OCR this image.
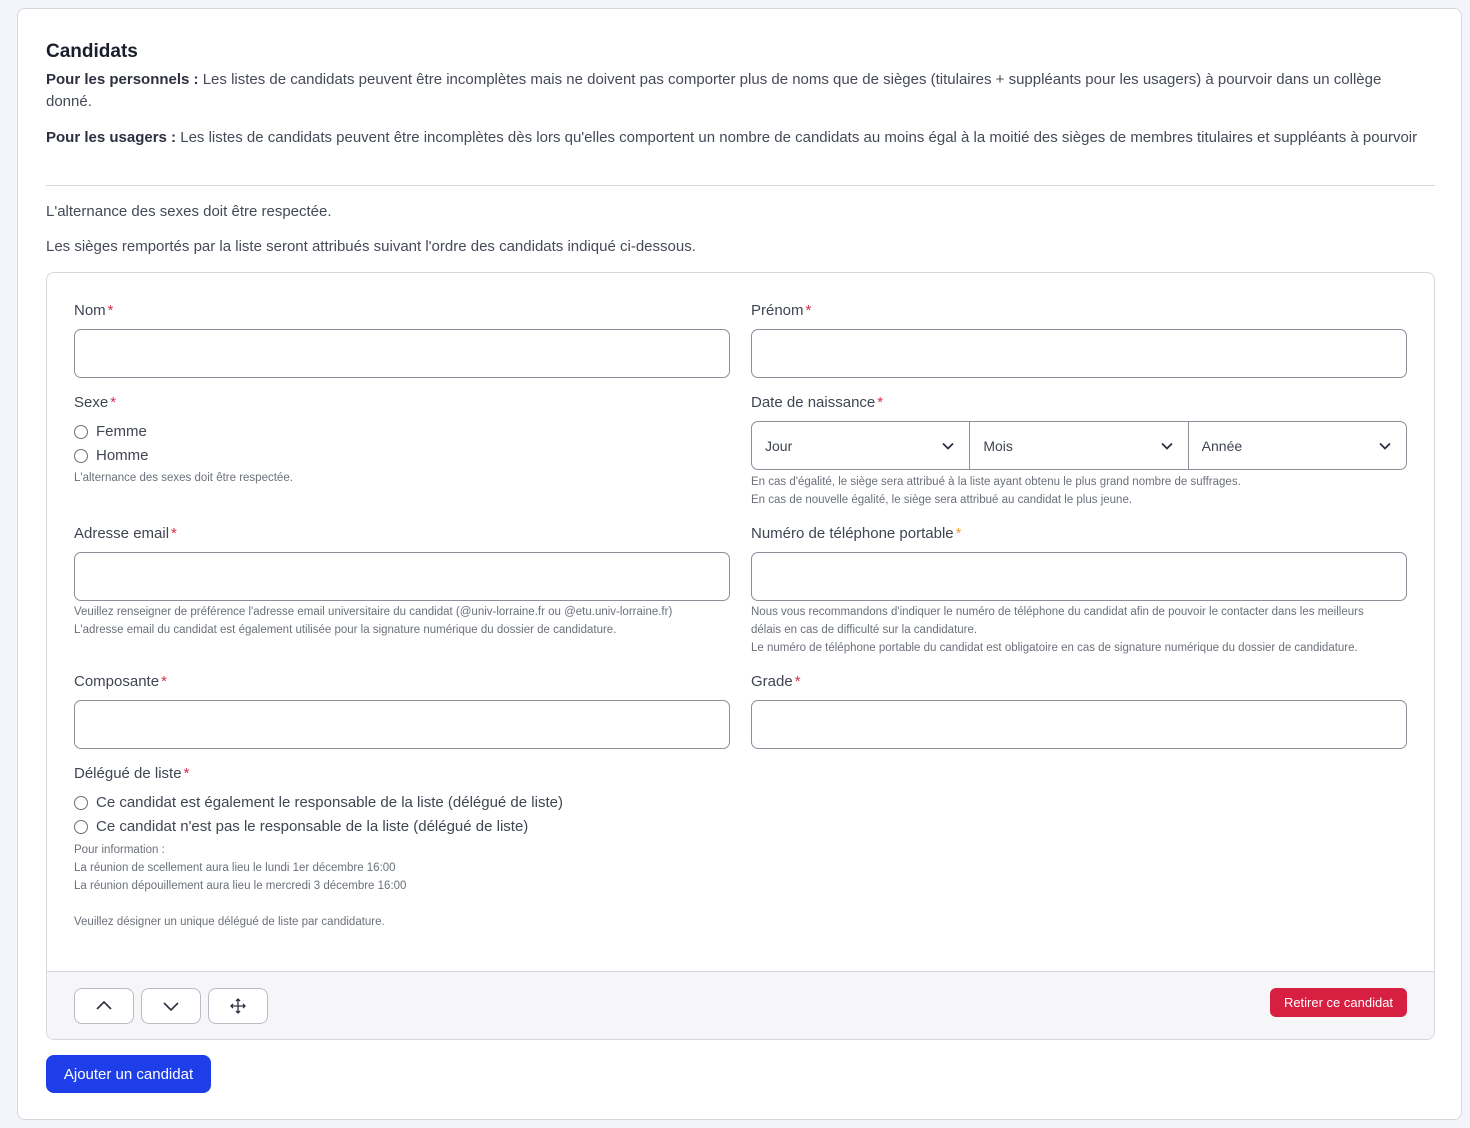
Candidats
Pour les personnels : Les listes de candidats peuvent être incomplètes mais ne doivent pas comporter plus de noms que de sièges (titulaires + suppléants pour les usagers) à pourvoir dans un collège donné.
Pour les usagers : Les listes de candidats peuvent être incomplètes dès lors qu'elles comportent un nombre de candidats au moins égal à la moitié des sièges de membres titulaires et suppléants à pourvoir
L'alternance des sexes doit être respectée.
Les sièges remportés par la liste seront attribués suivant l'ordre des candidats indiqué ci-dessous.
Nom *	Prénom *
Sexe *
Femme
Homme
L'alternance des sexes doit être respectée.
Date de naissance *
Jour	Mois	Année
En cas d'égalité, le siège sera attribué à la liste ayant obtenu le plus grand nombre de suffrages.
En cas de nouvelle égalité, le siège sera attribué au candidat le plus jeune.
Adresse email *
Veuillez renseigner de préférence l'adresse email universitaire du candidat (@univ-lorraine.fr ou @etu.univ-lorraine.fr)
L'adresse email du candidat est également utilisée pour la signature numérique du dossier de candidature.
Numéro de téléphone portable *
Nous vous recommandons d'indiquer le numéro de téléphone du candidat afin de pouvoir le contacter dans les meilleurs
délais en cas de difficulté sur la candidature.
Le numéro de téléphone portable du candidat est obligatoire en cas de signature numérique du dossier de candidature.
Composante *	Grade *
Délégué de liste *
Ce candidat est également le responsable de la liste (délégué de liste)
Ce candidat n'est pas le responsable de la liste (délégué de liste)
Pour information :
La réunion de scellement aura lieu le lundi 1er décembre 16:00
La réunion dépouillement aura lieu le mercredi 3 décembre 16:00
Veuillez désigner un unique délégué de liste par candidature.
Retirer ce candidat
Ajouter un candidat
